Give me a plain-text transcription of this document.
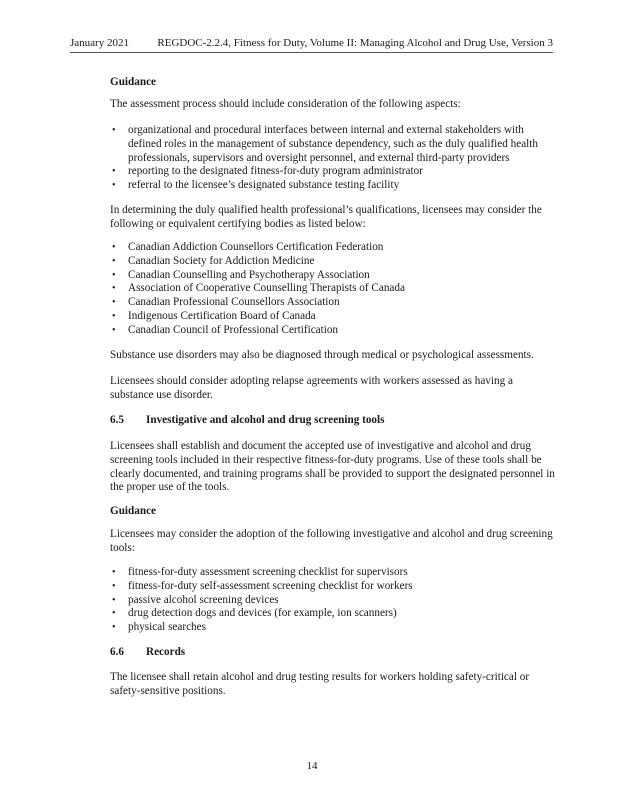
January 2021	REGDOC-2.2.4, Fitness for Duty, Volume II: Managing Alcohol and Drug Use, Version 3

Guidance

The assessment process should include consideration of the following aspects:

• organizational and procedural interfaces between internal and external stakeholders with defined roles in the management of substance dependency, such as the duly qualified health professionals, supervisors and oversight personnel, and external third-party providers
• reporting to the designated fitness-for-duty program administrator
• referral to the licensee’s designated substance testing facility

In determining the duly qualified health professional’s qualifications, licensees may consider the following or equivalent certifying bodies as listed below:

• Canadian Addiction Counsellors Certification Federation
• Canadian Society for Addiction Medicine
• Canadian Counselling and Psychotherapy Association
• Association of Cooperative Counselling Therapists of Canada
• Canadian Professional Counsellors Association
• Indigenous Certification Board of Canada
• Canadian Council of Professional Certification

Substance use disorders may also be diagnosed through medical or psychological assessments.

Licensees should consider adopting relapse agreements with workers assessed as having a substance use disorder.

6.5	Investigative and alcohol and drug screening tools

Licensees shall establish and document the accepted use of investigative and alcohol and drug screening tools included in their respective fitness-for-duty programs. Use of these tools shall be clearly documented, and training programs shall be provided to support the designated personnel in the proper use of the tools.

Guidance

Licensees may consider the adoption of the following investigative and alcohol and drug screening tools:

• fitness-for-duty assessment screening checklist for supervisors
• fitness-for-duty self-assessment screening checklist for workers
• passive alcohol screening devices
• drug detection dogs and devices (for example, ion scanners)
• physical searches
6.6	Records

The licensee shall retain alcohol and drug testing results for workers holding safety-critical or safety-sensitive positions.

14
